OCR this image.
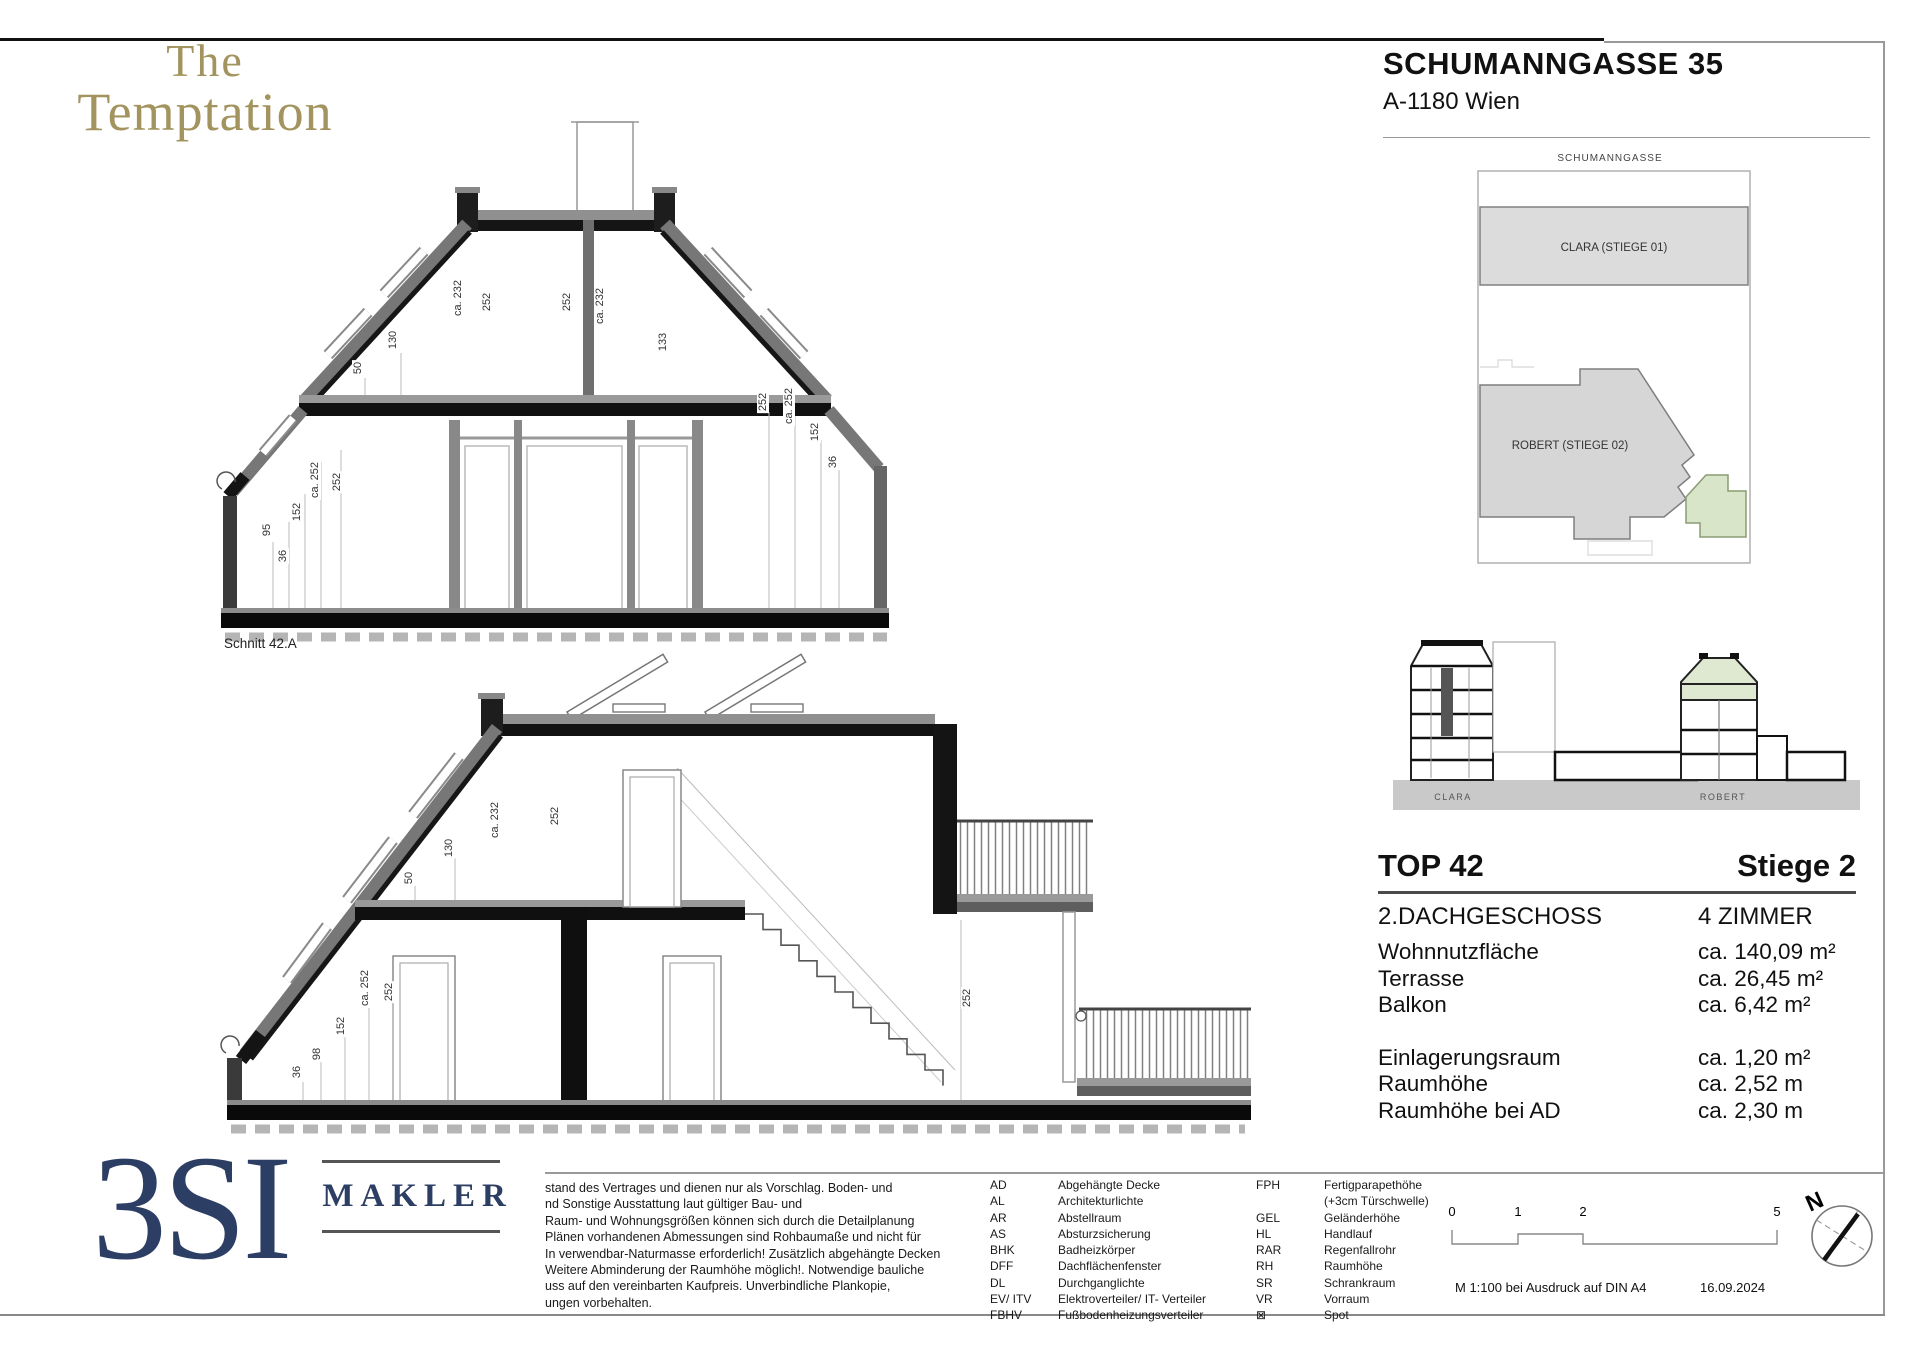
The
Temptation
SCHUMANNGASSE 35
A-1180 Wien
50
130
ca. 232 252	252 ca. 232
133
95
36
152
ca. 252 252
252 ca. 252
152
36
Schnitt 42.A
50
130
ca. 232	252
36
98
152
ca. 252 252	252
SCHUMANNGASSE
CLARA (STIEGE 01)
ROBERT (STIEGE 02)
CLARA	ROBERT
TOP 42	Stiege 2
2.DACHGESCHOSS	4 ZIMMER
Wohnnutzfläche	ca. 140,09 m²
Terrasse	ca. 26,45 m²
Balkon	ca. 6,42 m²
Einlagerungsraum	ca. 1,20 m²
Raumhöhe	ca. 2,52 m
Raumhöhe bei AD	ca. 2,30 m
3SI MAKLER	stand des Vertrages und dienen nur als Vorschlag. Boden- und
nd Sonstige Ausstattung laut gültiger Bau- und
Raum- und Wohnungsgrößen können sich durch die Detailplanung
Plänen vorhandenen Abmessungen sind Rohbaumaße und nicht für
In verwendbar-Naturmasse erforderlich! Zusätzlich abgehängte Decken
Weitere Abminderung der Raumhöhe möglich!. Notwendige bauliche
uss auf den vereinbarten Kaufpreis. Unverbindliche Plankopie,
ungen vorbehalten.
AD	Abgehängte Decke
AL	Architekturlichte
AR	Abstellraum
AS	Absturzsicherung
BHK	Badheizkörper
DFF	Dachflächenfenster
DL	Durchganglichte
EV/ ITV	Elektroverteiler/ IT- Verteiler
FBHV	Fußbodenheizungsverteiler
FPH	Fertigparapethöhe
(+3cm Türschwelle)
GEL	Geländerhöhe
HL	Handlauf
RAR	Regenfallrohr
RH	Raumhöhe
SR	Schrankraum
VR	Vorraum
⊠	Spot
0	1	2	5
M 1:100 bei Ausdruck auf DIN A4	16.09.2024
N
